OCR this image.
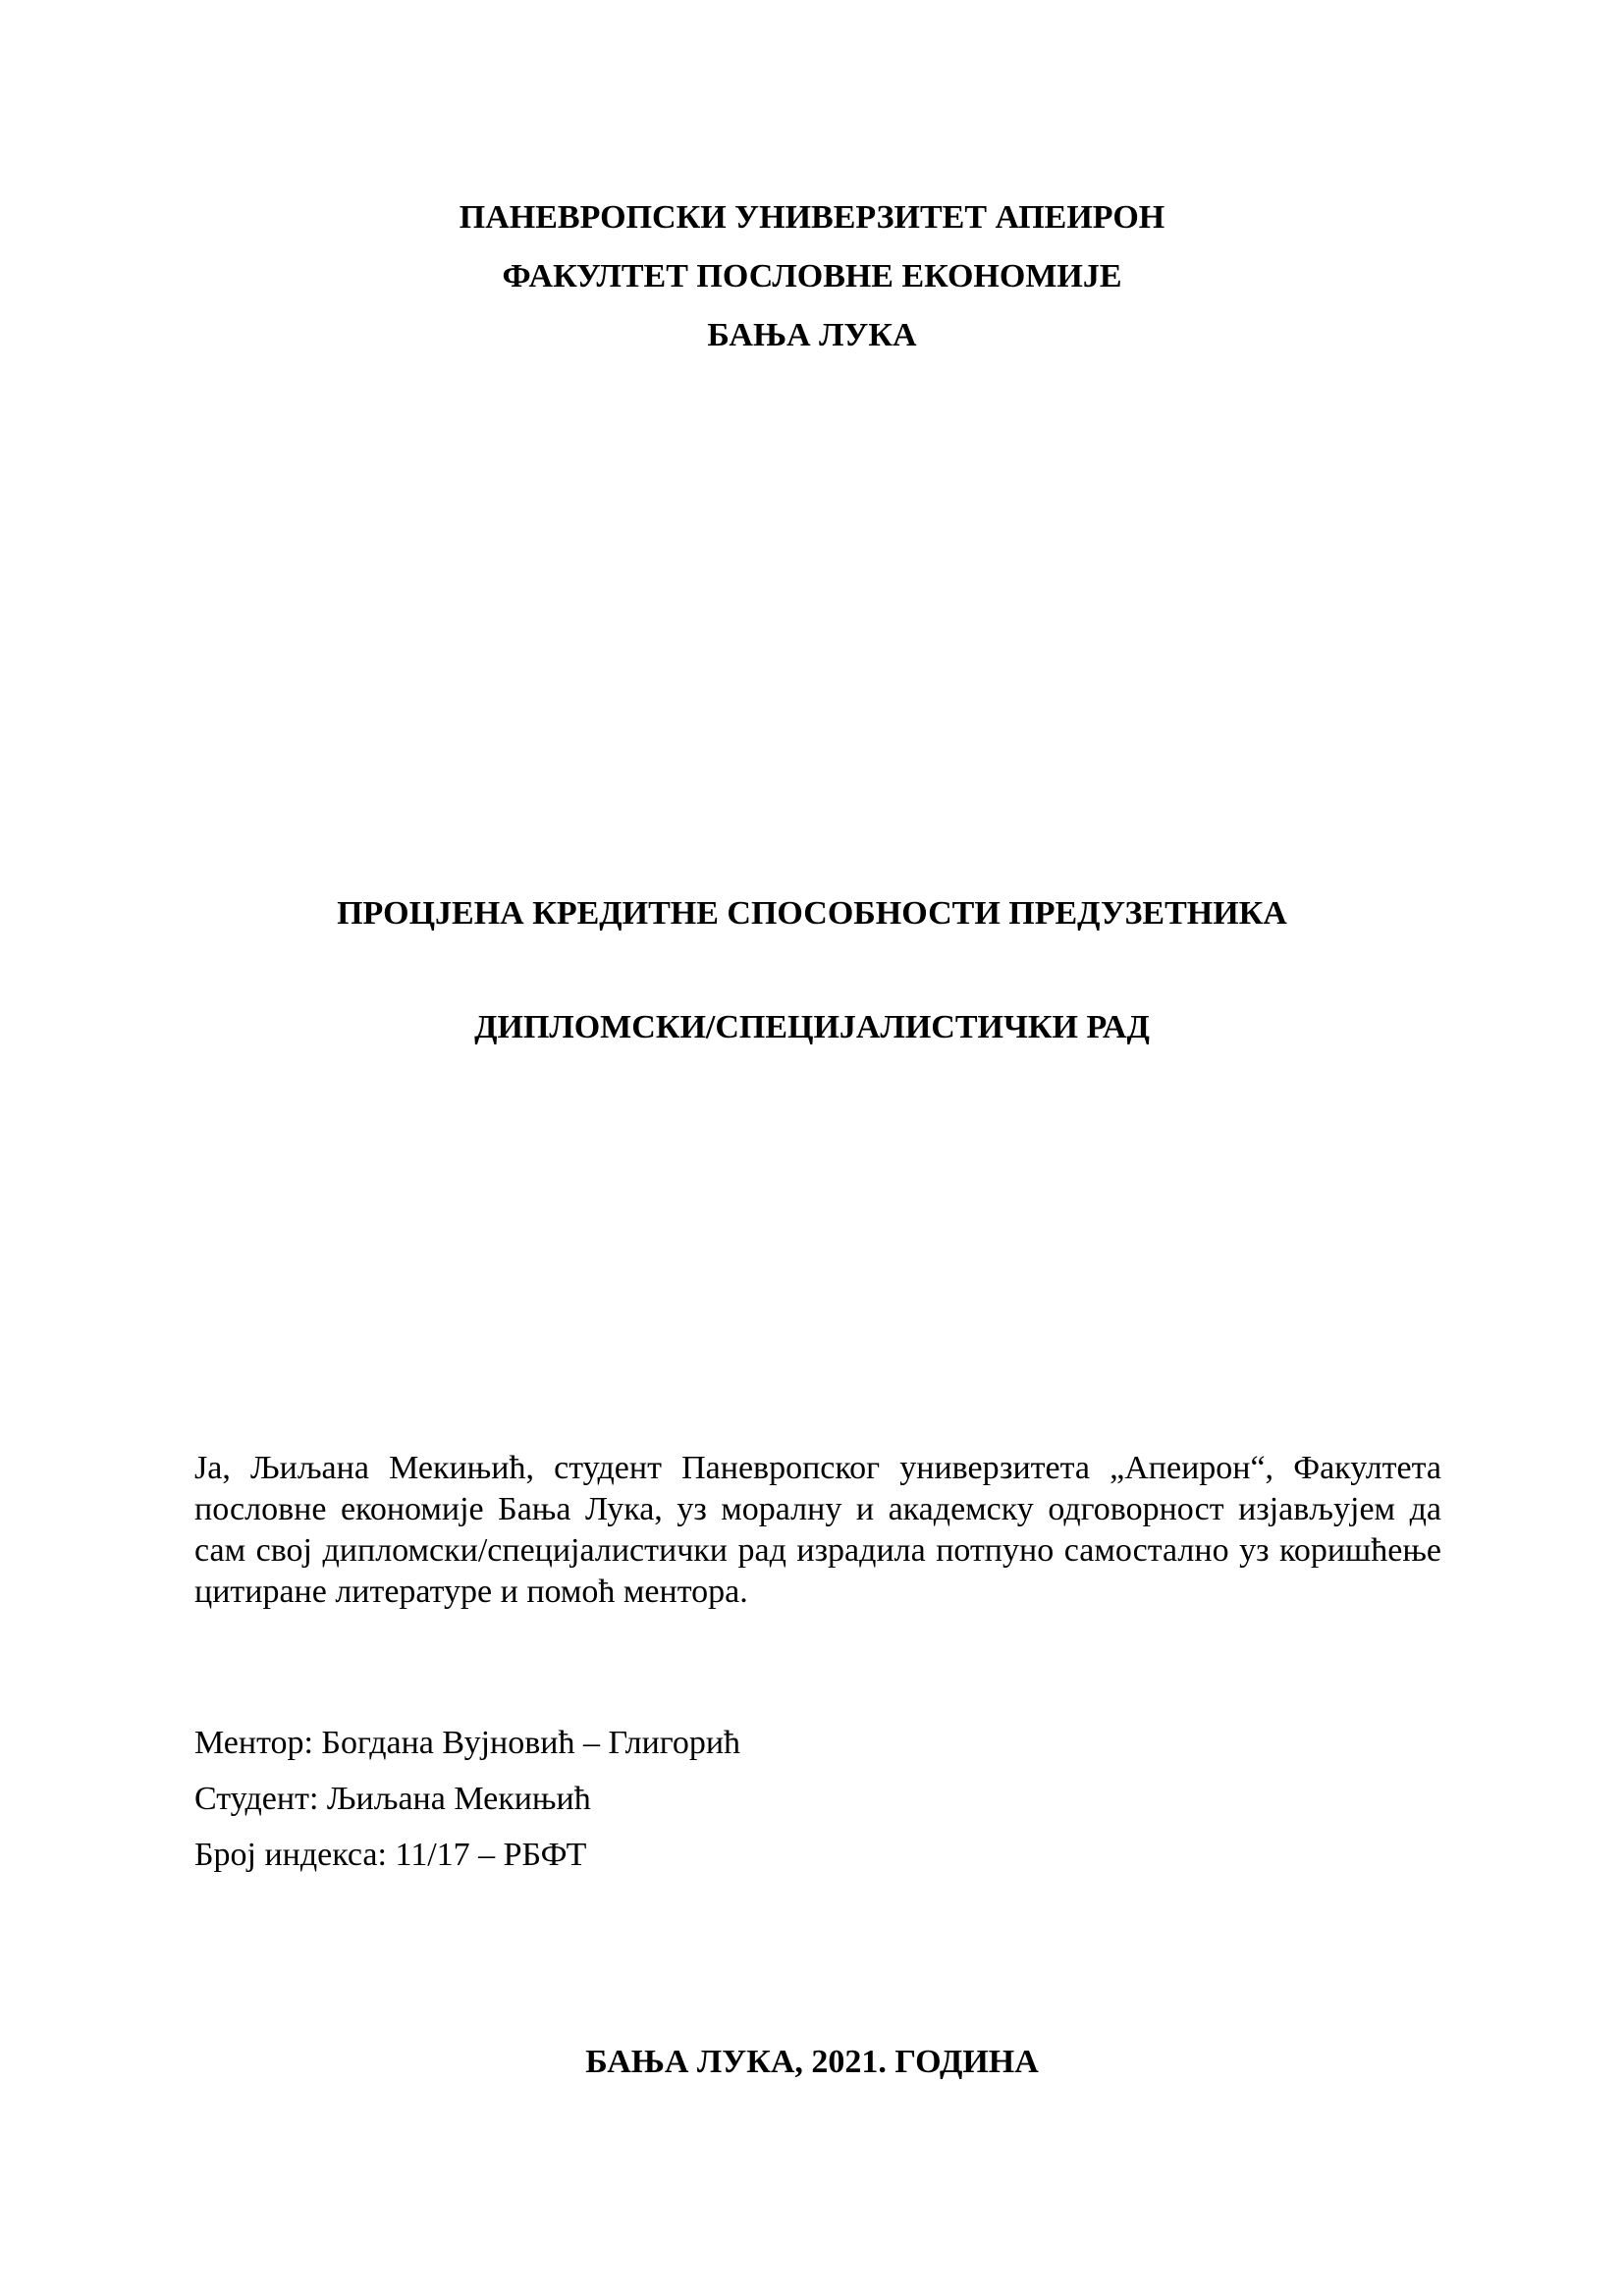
ПАНЕВРОПСКИ УНИВЕРЗИТЕТ АПЕИРОН
ФАКУЛТЕТ ПОСЛОВНЕ ЕКОНОМИЈЕ
БАЊА ЛУКА
ПРОЦЈЕНА КРЕДИТНЕ СПОСОБНОСТИ ПРЕДУЗЕТНИКА
ДИПЛОМСКИ/СПЕЦИЈАЛИСТИЧКИ РАД
Ја, Љиљана Мекињић, студент Паневропског универзитета „Апеирон“, Факултета пословне економије Бања Лука, уз моралну и академску одговорност изјављујем да сам свој дипломски/специјалистички рад израдила потпуно самостално уз коришћење цитиране литературе и помоћ ментора.
Ментор: Богдана Вујновић – Глигорић
Студент: Љиљана Мекињић
Број индекса: 11/17 – РБФТ
БАЊА ЛУКА, 2021. ГОДИНА
